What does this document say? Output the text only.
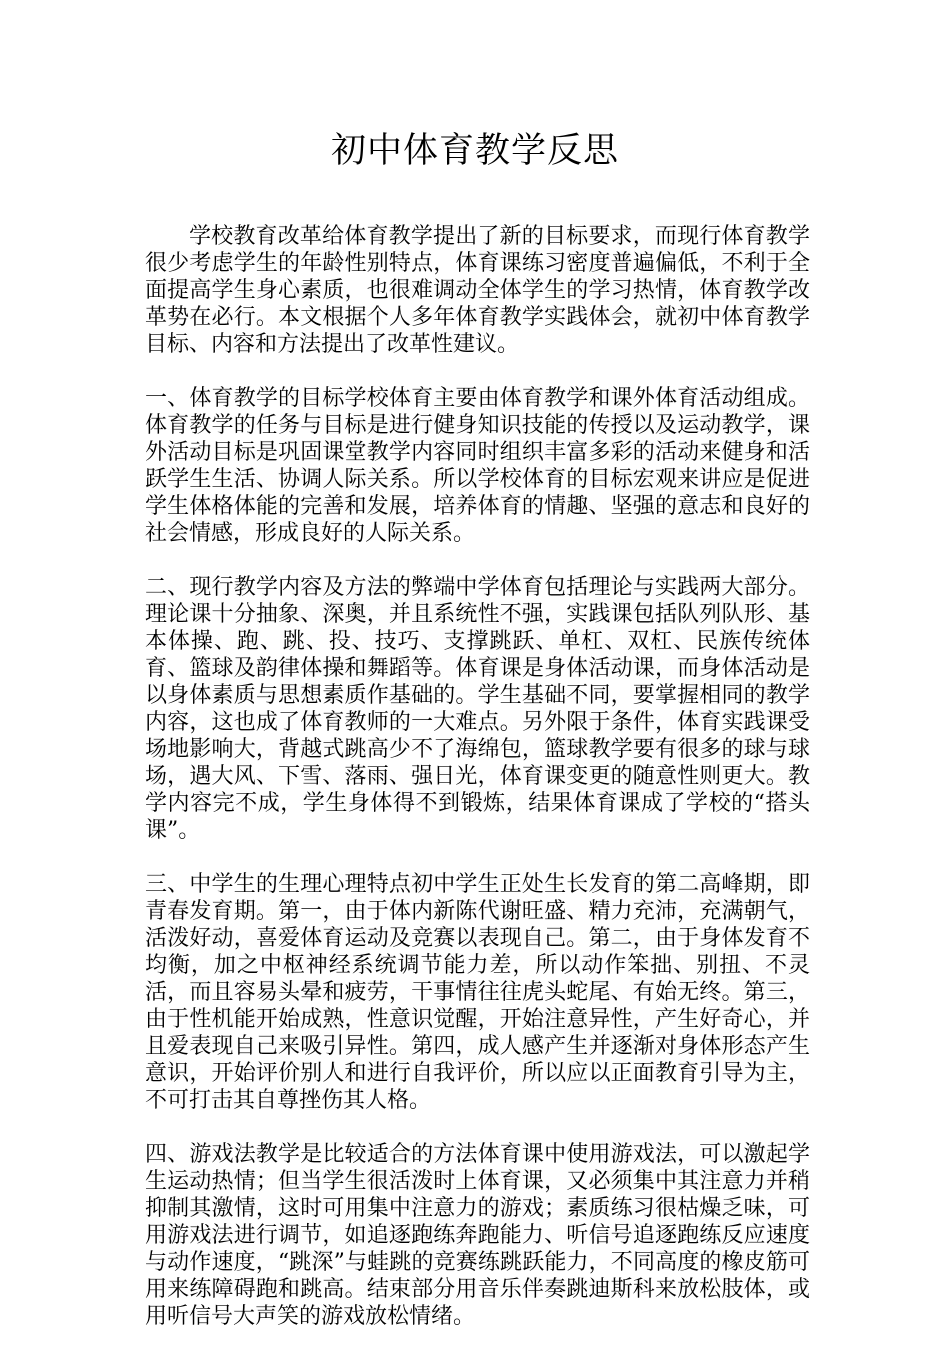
初中体育教学反思

学校教育改革给体育教学提出了新的目标要求，而现行体育教学很少考虑学生的年龄性别特点，体育课练习密度普遍偏低，不利于全面提高学生身心素质，也很难调动全体学生的学习热情，体育教学改革势在必行。本文根据个人多年体育教学实践体会，就初中体育教学目标、内容和方法提出了改革性建议。

一、体育教学的目标学校体育主要由体育教学和课外体育活动组成。体育教学的任务与目标是进行健身知识技能的传授以及运动教学，课外活动目标是巩固课堂教学内容同时组织丰富多彩的活动来健身和活跃学生生活、协调人际关系。所以学校体育的目标宏观来讲应是促进学生体格体能的完善和发展，培养体育的情趣、坚强的意志和良好的社会情感，形成良好的人际关系。

二、现行教学内容及方法的弊端中学体育包括理论与实践两大部分。理论课十分抽象、深奥，并且系统性不强，实践课包括队列队形、基本体操、跑、跳、投、技巧、支撑跳跃、单杠、双杠、民族传统体育、篮球及韵律体操和舞蹈等。体育课是身体活动课，而身体活动是以身体素质与思想素质作基础的。学生基础不同，要掌握相同的教学内容，这也成了体育教师的一大难点。另外限于条件，体育实践课受场地影响大，背越式跳高少不了海绵包，篮球教学要有很多的球与球场，遇大风、下雪、落雨、强日光，体育课变更的随意性则更大。教学内容完不成，学生身体得不到锻炼，结果体育课成了学校的“搭头课”。

三、中学生的生理心理特点初中学生正处生长发育的第二高峰期，即青春发育期。第一，由于体内新陈代谢旺盛、精力充沛，充满朝气，活泼好动，喜爱体育运动及竞赛以表现自己。第二，由于身体发育不均衡，加之中枢神经系统调节能力差，所以动作笨拙、别扭、不灵活，而且容易头晕和疲劳，干事情往往虎头蛇尾、有始无终。第三，由于性机能开始成熟，性意识觉醒，开始注意异性，产生好奇心，并且爱表现自己来吸引异性。第四，成人感产生并逐渐对身体形态产生意识，开始评价别人和进行自我评价，所以应以正面教育引导为主，不可打击其自尊挫伤其人格。

四、游戏法教学是比较适合的方法体育课中使用游戏法，可以激起学生运动热情；但当学生很活泼时上体育课，又必须集中其注意力并稍抑制其激情，这时可用集中注意力的游戏；素质练习很枯燥乏味，可用游戏法进行调节，如追逐跑练奔跑能力、听信号追逐跑练反应速度与动作速度，“跳深”与蛙跳的竞赛练跳跃能力，不同高度的橡皮筋可用来练障碍跑和跳高。结束部分用音乐伴奏跳迪斯科来放松肢体，或用听信号大声笑的游戏放松情绪。
